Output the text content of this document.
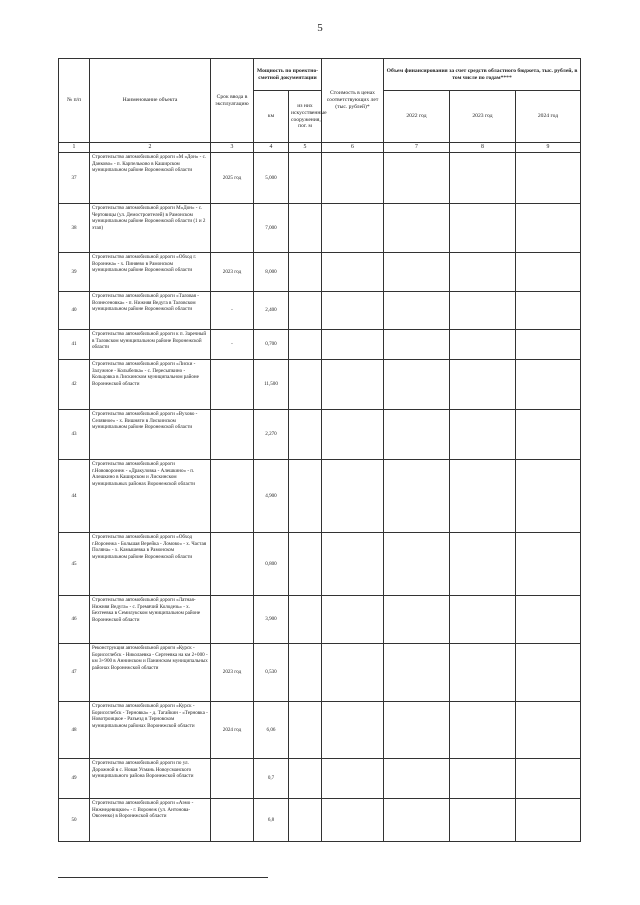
5
№ п/п	Наименование объекта	Срок ввода в эксплуатацию	Мощность по проектно-сметной документации		Стоимость в ценах соответствующих лет (тыс. рублей)*	Объем финансирования за счет средств областного бюджета, тыс. рублей, в том числе по годам****		
			км	из них искусственные сооружения, пог. м		2022 год	2023 год	2024 год
1	2	3	4	5	6	7	8	9
37	Строительство автомобильной дороги «М «Дон» - с. Данково» - п. Карпельково в Каширском муниципальном районе Воронежской области	2025 год	5,000					
38	Строительство автомобильной дороги М«Дон» - с. Чертовицы (ул. Демостроителей) в Рамонском муниципальном районе Воронежской области (1 и 2 этап)		7,000					
39	Строительство автомобильной дороги «Обход г. Воронежа» - х. Пиняево в Рамонском муниципальном районе Воронежской области	2023 год	8,000					
40	Строительство автомобильной дороги «Таловая - Вознесеновка» - п. Нижняя Ведуга в Таловском муниципальном районе Воронежской области	-	2,400					
41	Строительство автомобильной дороги к п. Заречный в Таловском муниципальном районе Воронежской области	-	0,700					
42	Строительство автомобильной дороги «Лиски - Залужное - Колыбелка» - с. Пересыпкино - Кольцовка в Лискинском муниципальном районе Воронежской области		11,500					
43	Строительство автомобильной дороги «Вухово - Селявное» - х. Вишняги в Лискинском муниципальном районе Воронежской области		2,270					
44	Строительство автомобильной дороги г.Нововоронеж - «Дракуловка - Алешкино» - п. Алешкино в Каширском и Лискинском муниципальных районах Воронежской области		4,900					
45	Строительство автомобильной дороги «Обход г.Воронежа - Большая Верейка - Ломово» - х. Частая Поляна» - х. Камышевка в Рамонском муниципальном районе Воронежской области		0,800					
46	Строительство автомобильной дороги «Латная-Нижняя Ведуга» - с. Гремячий Колодезь» - х. Бехтеевка в Семилукском муниципальном районе Воронежской области		3,900					
47	Реконструкция автомобильной дороги «Курск - Борисоглебск - Николаевка - Сергеевка на км 2+000 - км 3+900 в Аннинском и Панинском муниципальных районах Воронежской области	2023 год	0,530					
48	Строительство автомобильной дороги «Курск - Борисоглебск - Терновка» - д. Тагайкин - «Терновка - Новотроицкое - Разъезд в Терновском муниципальном районах Воронежской области	2024 год	6,06					
49	Строительство автомобильной дороги по ул. Дорожной в с. Новая Усмань Новоусманского муниципального района Воронежской области		0,7					
50	Строительство автомобильной дороги «Аэмо - Нижнедевицкое» - г. Воронеж (ул. Антонова-Овсеенко) в Воронежской области		6,8					
